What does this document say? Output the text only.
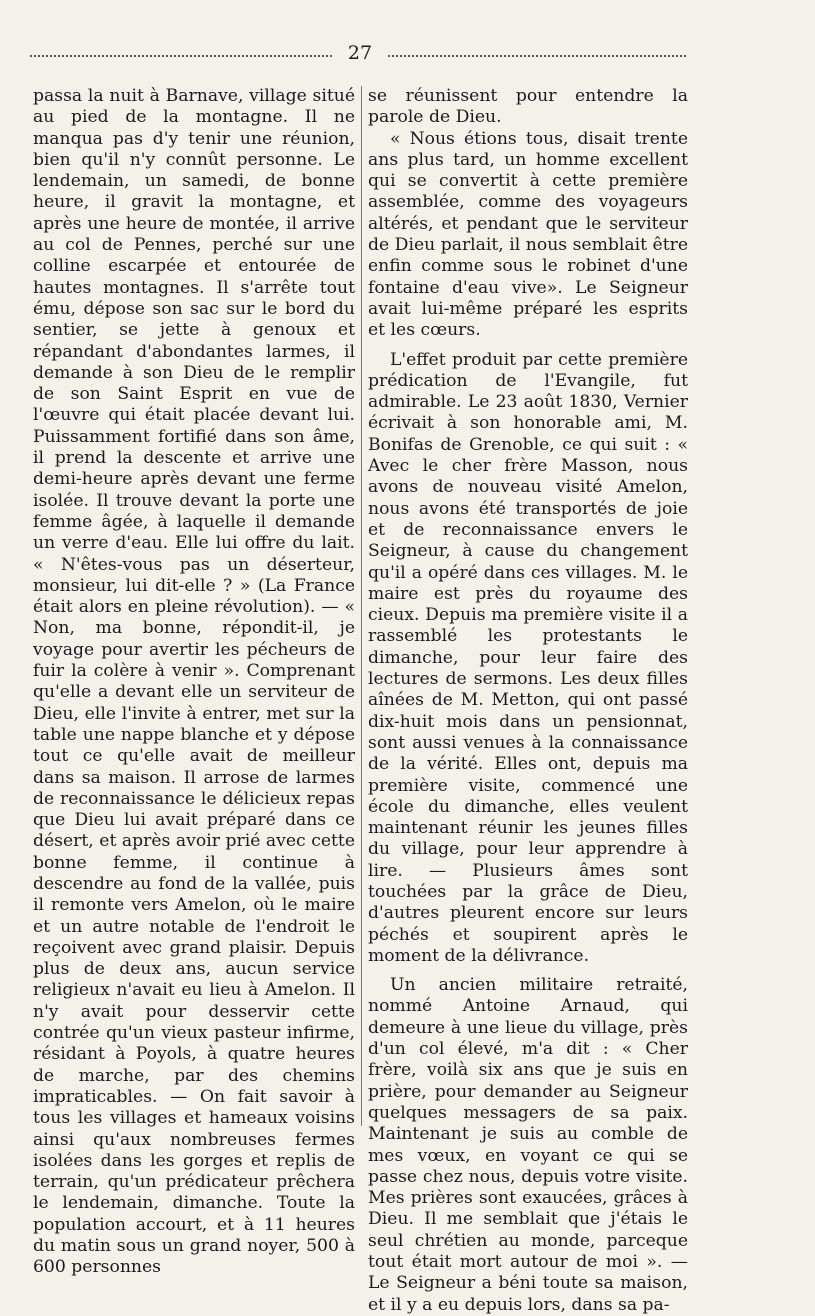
27

passa la nuit à Barnave, village situé au pied de la montagne. Il ne manqua pas d'y tenir une réunion, bien qu'il n'y connût personne. Le lendemain, un samedi, de bonne heure, il gravit la montagne, et après une heure de montée, il arrive au col de Pennes, perché sur une colline escarpée et entourée de hautes montagnes. Il s'arrête tout ému, dépose son sac sur le bord du sentier, se jette à genoux et répandant d'abondantes larmes, il demande à son Dieu de le remplir de son Saint Esprit en vue de l'œuvre qui était placée devant lui. Puissamment fortifié dans son âme, il prend la descente et arrive une demi-heure après devant une ferme isolée. Il trouve devant la porte une femme âgée, à laquelle il demande un verre d'eau. Elle lui offre du lait. « N'êtes-vous pas un déserteur, monsieur, lui dit-elle ? » (La France était alors en pleine révolution). — « Non, ma bonne, répondit-il, je voyage pour avertir les pécheurs de fuir la colère à venir ». Comprenant qu'elle a devant elle un serviteur de Dieu, elle l'invite à entrer, met sur la table une nappe blanche et y dépose tout ce qu'elle avait de meilleur dans sa maison. Il arrose de larmes de reconnaissance le délicieux repas que Dieu lui avait préparé dans ce désert, et après avoir prié avec cette bonne femme, il continue à descendre au fond de la vallée, puis il remonte vers Amelon, où le maire et un autre notable de l'endroit le reçoivent avec grand plaisir. Depuis plus de deux ans, aucun service religieux n'avait eu lieu à Amelon. Il n'y avait pour desservir cette contrée qu'un vieux pasteur infirme, résidant à Poyols, à quatre heures de marche, par des chemins impraticables. — On fait savoir à tous les villages et hameaux voisins ainsi qu'aux nombreuses fermes isolées dans les gorges et replis de terrain, qu'un prédicateur prêchera le lendemain, dimanche. Toute la population accourt, et à 11 heures du matin sous un grand noyer, 500 à 600 personnes

se réunissent pour entendre la parole de Dieu.

« Nous étions tous, disait trente ans plus tard, un homme excellent qui se convertit à cette première assemblée, comme des voyageurs altérés, et pendant que le serviteur de Dieu parlait, il nous semblait être enfin comme sous le robinet d'une fontaine d'eau vive». Le Seigneur avait lui-même préparé les esprits et les cœurs.

L'effet produit par cette première prédication de l'Evangile, fut admirable. Le 23 août 1830, Vernier écrivait à son honorable ami, M. Bonifas de Grenoble, ce qui suit : « Avec le cher frère Masson, nous avons de nouveau visité Amelon, nous avons été transportés de joie et de reconnaissance envers le Seigneur, à cause du changement qu'il a opéré dans ces villages. M. le maire est près du royaume des cieux. Depuis ma première visite il a rassemblé les protestants le dimanche, pour leur faire des lectures de sermons. Les deux filles aînées de M. Metton, qui ont passé dix-huit mois dans un pensionnat, sont aussi venues à la connaissance de la vérité. Elles ont, depuis ma première visite, commencé une école du dimanche, elles veulent maintenant réunir les jeunes filles du village, pour leur apprendre à lire. — Plusieurs âmes sont touchées par la grâce de Dieu, d'autres pleurent encore sur leurs péchés et soupirent après le moment de la délivrance.

Un ancien militaire retraité, nommé Antoine Arnaud, qui demeure à une lieue du village, près d'un col élevé, m'a dit : « Cher frère, voilà six ans que je suis en prière, pour demander au Seigneur quelques messagers de sa paix. Maintenant je suis au comble de mes vœux, en voyant ce qui se passe chez nous, depuis votre visite. Mes prières sont exaucées, grâces à Dieu. Il me semblait que j'étais le seul chrétien au monde, parceque tout était mort autour de moi ». — Le Seigneur a béni toute sa maison, et il y a eu depuis lors, dans sa pa-
